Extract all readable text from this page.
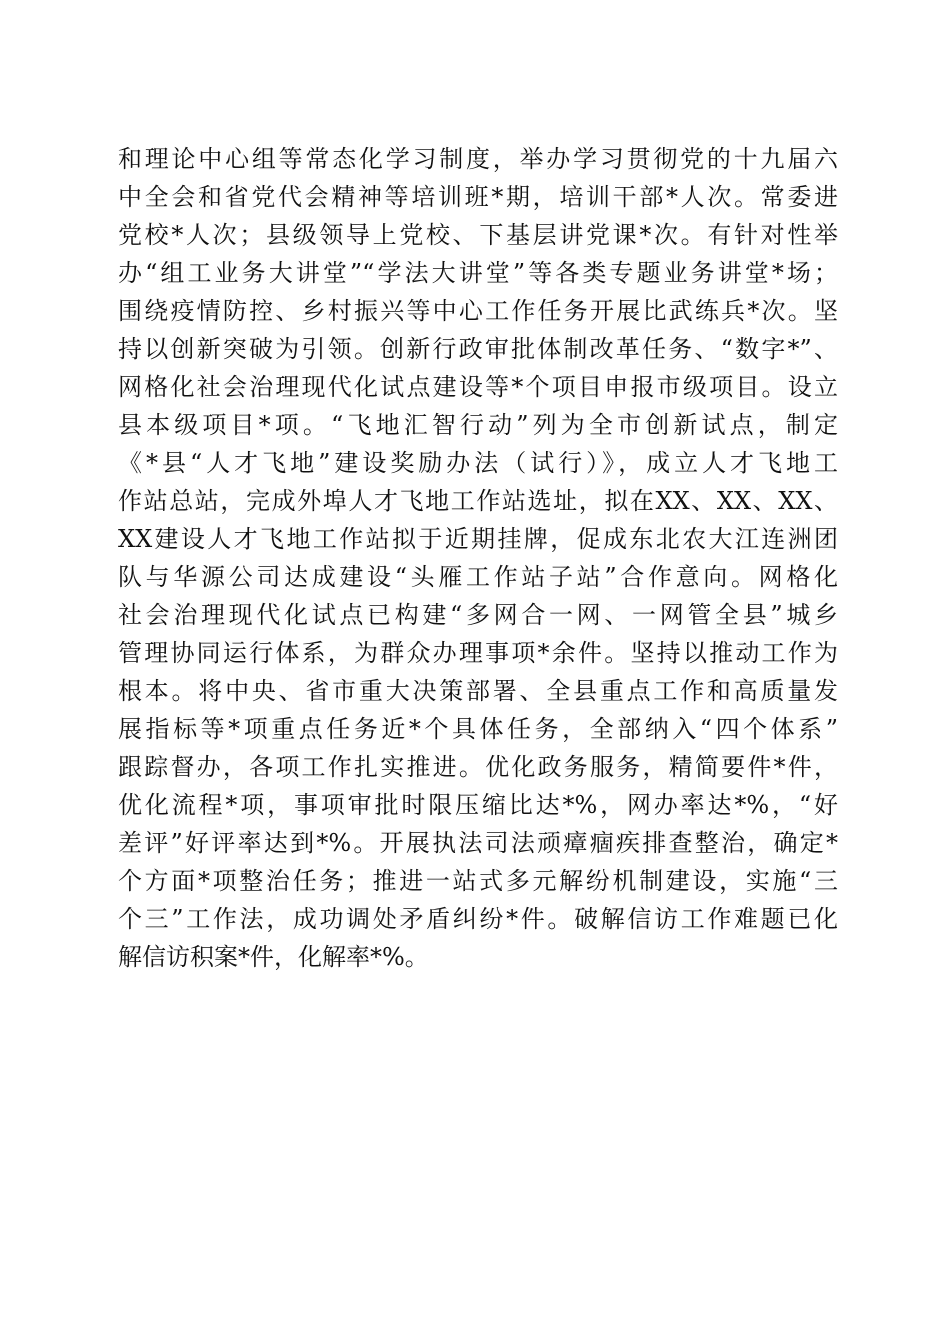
和理论中心组等常态化学习制度，举办学习贯彻党的十九届六
中全会和省党代会精神等培训班*期，培训干部*人次。常委进
党校*人次；县级领导上党校、下基层讲党课*次。有针对性举
办“组工业务大讲堂”“学法大讲堂”等各类专题业务讲堂*场；
围绕疫情防控、乡村振兴等中心工作任务开展比武练兵*次。坚
持以创新突破为引领。创新行政审批体制改革任务、“数字*”、
网格化社会治理现代化试点建设等*个项目申报市级项目。设立
县本级项目*项。“飞地汇智行动”列为全市创新试点，制定
《*县“人才飞地”建设奖励办法（试行）》，成立人才飞地工
作站总站，完成外埠人才飞地工作站选址，拟在XX、XX、XX、
XX建设人才飞地工作站拟于近期挂牌，促成东北农大江连洲团
队与华源公司达成建设“头雁工作站子站”合作意向。网格化
社会治理现代化试点已构建“多网合一网、一网管全县”城乡
管理协同运行体系，为群众办理事项*余件。坚持以推动工作为
根本。将中央、省市重大决策部署、全县重点工作和高质量发
展指标等*项重点任务近*个具体任务，全部纳入“四个体系”
跟踪督办，各项工作扎实推进。优化政务服务，精简要件*件，
优化流程*项，事项审批时限压缩比达*%，网办率达*%，“好
差评”好评率达到*%。开展执法司法顽瘴痼疾排查整治，确定*
个方面*项整治任务；推进一站式多元解纷机制建设，实施“三
个三”工作法，成功调处矛盾纠纷*件。破解信访工作难题已化
解信访积案*件，化解率*%。
